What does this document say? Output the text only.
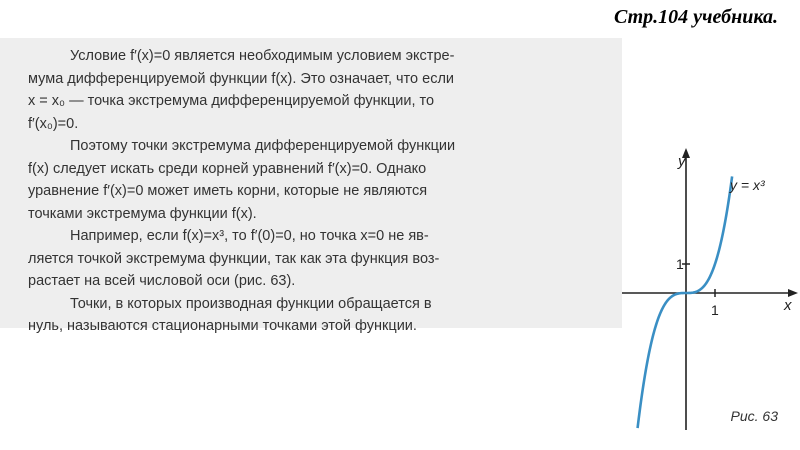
Стр.104 учебника.
Условие f′(x)=0 является необходимым условием экстре-
мума дифференцируемой функции f(x). Это означает, что если
x = x₀ — точка экстремума дифференцируемой функции, то
f′(x₀)=0.
Поэтому точки экстремума дифференцируемой функции
f(x) следует искать среди корней уравнений f′(x)=0. Однако
уравнение f′(x)=0 может иметь корни, которые не являются
точками экстремума функции f(x).
Например, если f(x)=x³, то f′(0)=0, но точка x=0 не яв-
ляется точкой экстремума функции, так как эта функция воз-
растает на всей числовой оси (рис. 63).
Точки, в которых производная функции обращается в
нуль, называются стационарными точками этой функции.
y
x
1
1
y = x³
Рис. 63
